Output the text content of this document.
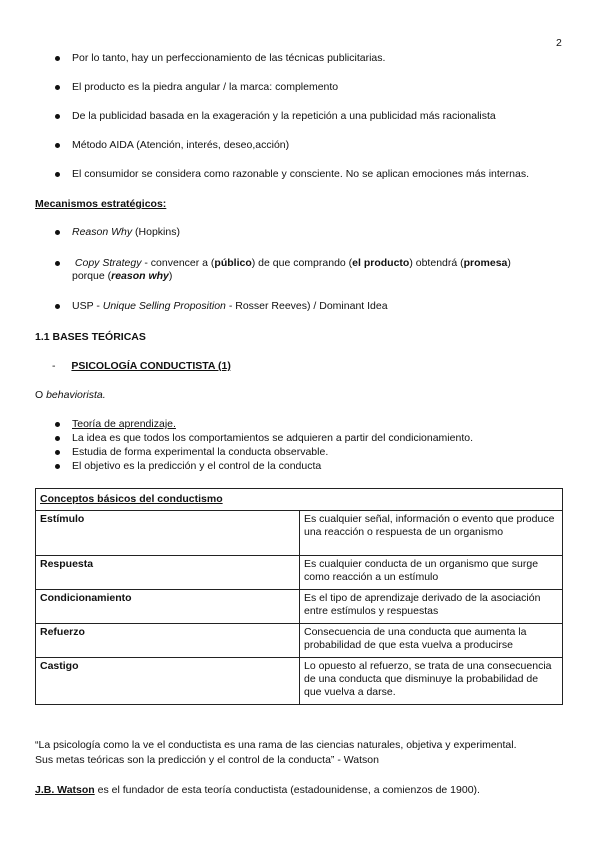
2
Por lo tanto, hay un perfeccionamiento de las técnicas publicitarias.
El producto es la piedra angular / la marca: complemento
De la publicidad basada en la exageración y la repetición a una publicidad más racionalista
Método AIDA (Atención, interés, deseo,acción)
El consumidor se considera como razonable y consciente. No se aplican emociones más internas.
Mecanismos estratégicos:
Reason Why (Hopkins)
Copy Strategy - convencer a (público) de que comprando (el producto) obtendrá (promesa)
porque (reason why)
USP - Unique Selling Proposition - Rosser Reeves) / Dominant Idea
1.1 BASES TEÓRICAS
- PSICOLOGÍA CONDUCTISTA (1)
O behaviorista.
Teoría de aprendizaje.
La idea es que todos los comportamientos se adquieren a partir del condicionamiento.
Estudia de forma experimental la conducta observable.
El objetivo es la predicción y el control de la conducta
Conceptos básicos del conductismo	
Estímulo	Es cualquier señal, información o evento que produce una reacción o respuesta de un organismo
Respuesta	Es cualquier conducta de un organismo que surge como reacción a un estímulo
Condicionamiento	Es el tipo de aprendizaje derivado de la asociación entre estímulos y respuestas
Refuerzo	Consecuencia de una conducta que aumenta la probabilidad de que esta vuelva a producirse
Castigo	Lo opuesto al refuerzo, se trata de una consecuencia de una conducta que disminuye la probabilidad de que vuelva a darse.
“La psicología como la ve el conductista es una rama de las ciencias naturales, objetiva y experimental.
Sus metas teóricas son la predicción y el control de la conducta” - Watson
J.B. Watson es el fundador de esta teoría conductista (estadounidense, a comienzos de 1900).
